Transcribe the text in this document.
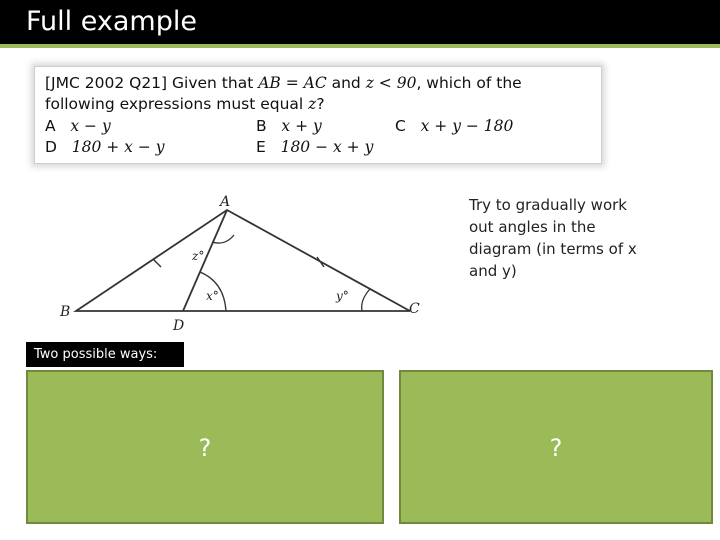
Full example
[JMC 2002 Q21] Given that AB = AC and z < 90, which of the
following expressions must equal z?
A x − y	B x + y	C x + y − 180
D 180 + x − y	E 180 − x + y
A
B	C
D
z°
x°	y°
Try to gradually work out angles in the diagram (in terms of x and y)
Two possible ways:
?	?
